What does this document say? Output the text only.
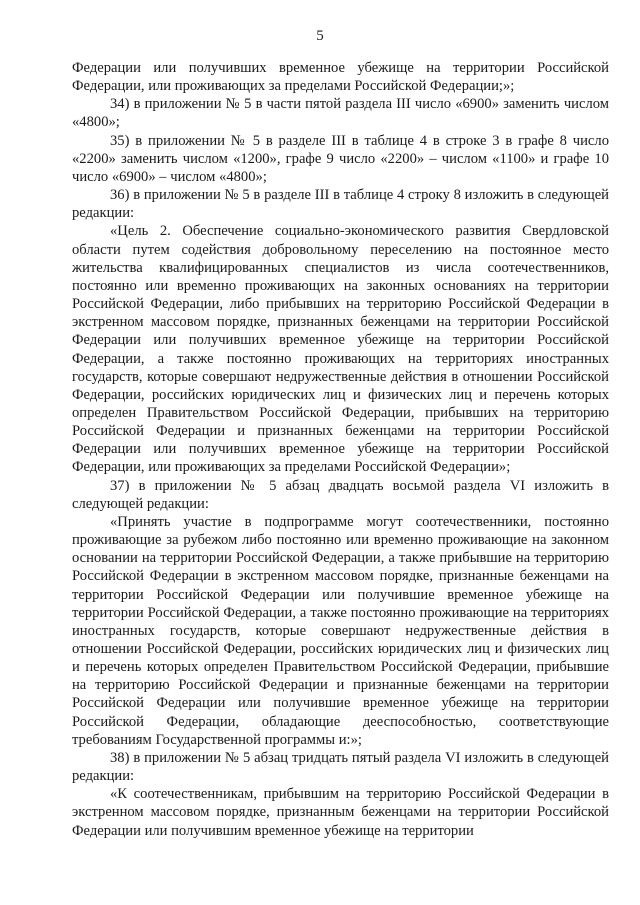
5

Федерации или получивших временное убежище на территории Российской Федерации, или проживающих за пределами Российской Федерации;»;

34) в приложении № 5 в части пятой раздела III число «6900» заменить числом «4800»;

35) в приложении № 5 в разделе III в таблице 4 в строке 3 в графе 8 число «2200» заменить числом «1200», графе 9 число «2200» – числом «1100» и графе 10 число «6900» – числом «4800»;

36) в приложении № 5 в разделе III в таблице 4 строку 8 изложить в следующей редакции:

«Цель 2. Обеспечение социально-экономического развития Свердловской области путем содействия добровольному переселению на постоянное место жительства квалифицированных специалистов из числа соотечественников, постоянно или временно проживающих на законных основаниях на территории Российской Федерации, либо прибывших на территорию Российской Федерации в экстренном массовом порядке, признанных беженцами на территории Российской Федерации или получивших временное убежище на территории Российской Федерации, а также постоянно проживающих на территориях иностранных государств, которые совершают недружественные действия в отношении Российской Федерации, российских юридических лиц и физических лиц и перечень которых определен Правительством Российской Федерации, прибывших на территорию Российской Федерации и признанных беженцами на территории Российской Федерации или получивших временное убежище на территории Российской Федерации, или проживающих за пределами Российской Федерации»;

37) в приложении № 5 абзац двадцать восьмой раздела VI изложить в следующей редакции:

«Принять участие в подпрограмме могут соотечественники, постоянно проживающие за рубежом либо постоянно или временно проживающие на законном основании на территории Российской Федерации, а также прибывшие на территорию Российской Федерации в экстренном массовом порядке, признанные беженцами на территории Российской Федерации или получившие временное убежище на территории Российской Федерации, а также постоянно проживающие на территориях иностранных государств, которые совершают недружественные действия в отношении Российской Федерации, российских юридических лиц и физических лиц и перечень которых определен Правительством Российской Федерации, прибывшие на территорию Российской Федерации и признанные беженцами на территории Российской Федерации или получившие временное убежище на территории Российской Федерации, обладающие дееспособностью, соответствующие требованиям Государственной программы и:»;

38) в приложении № 5 абзац тридцать пятый раздела VI изложить в следующей редакции:

«К соотечественникам, прибывшим на территорию Российской Федерации в экстренном массовом порядке, признанным беженцами на территории Российской Федерации или получившим временное убежище на территории
